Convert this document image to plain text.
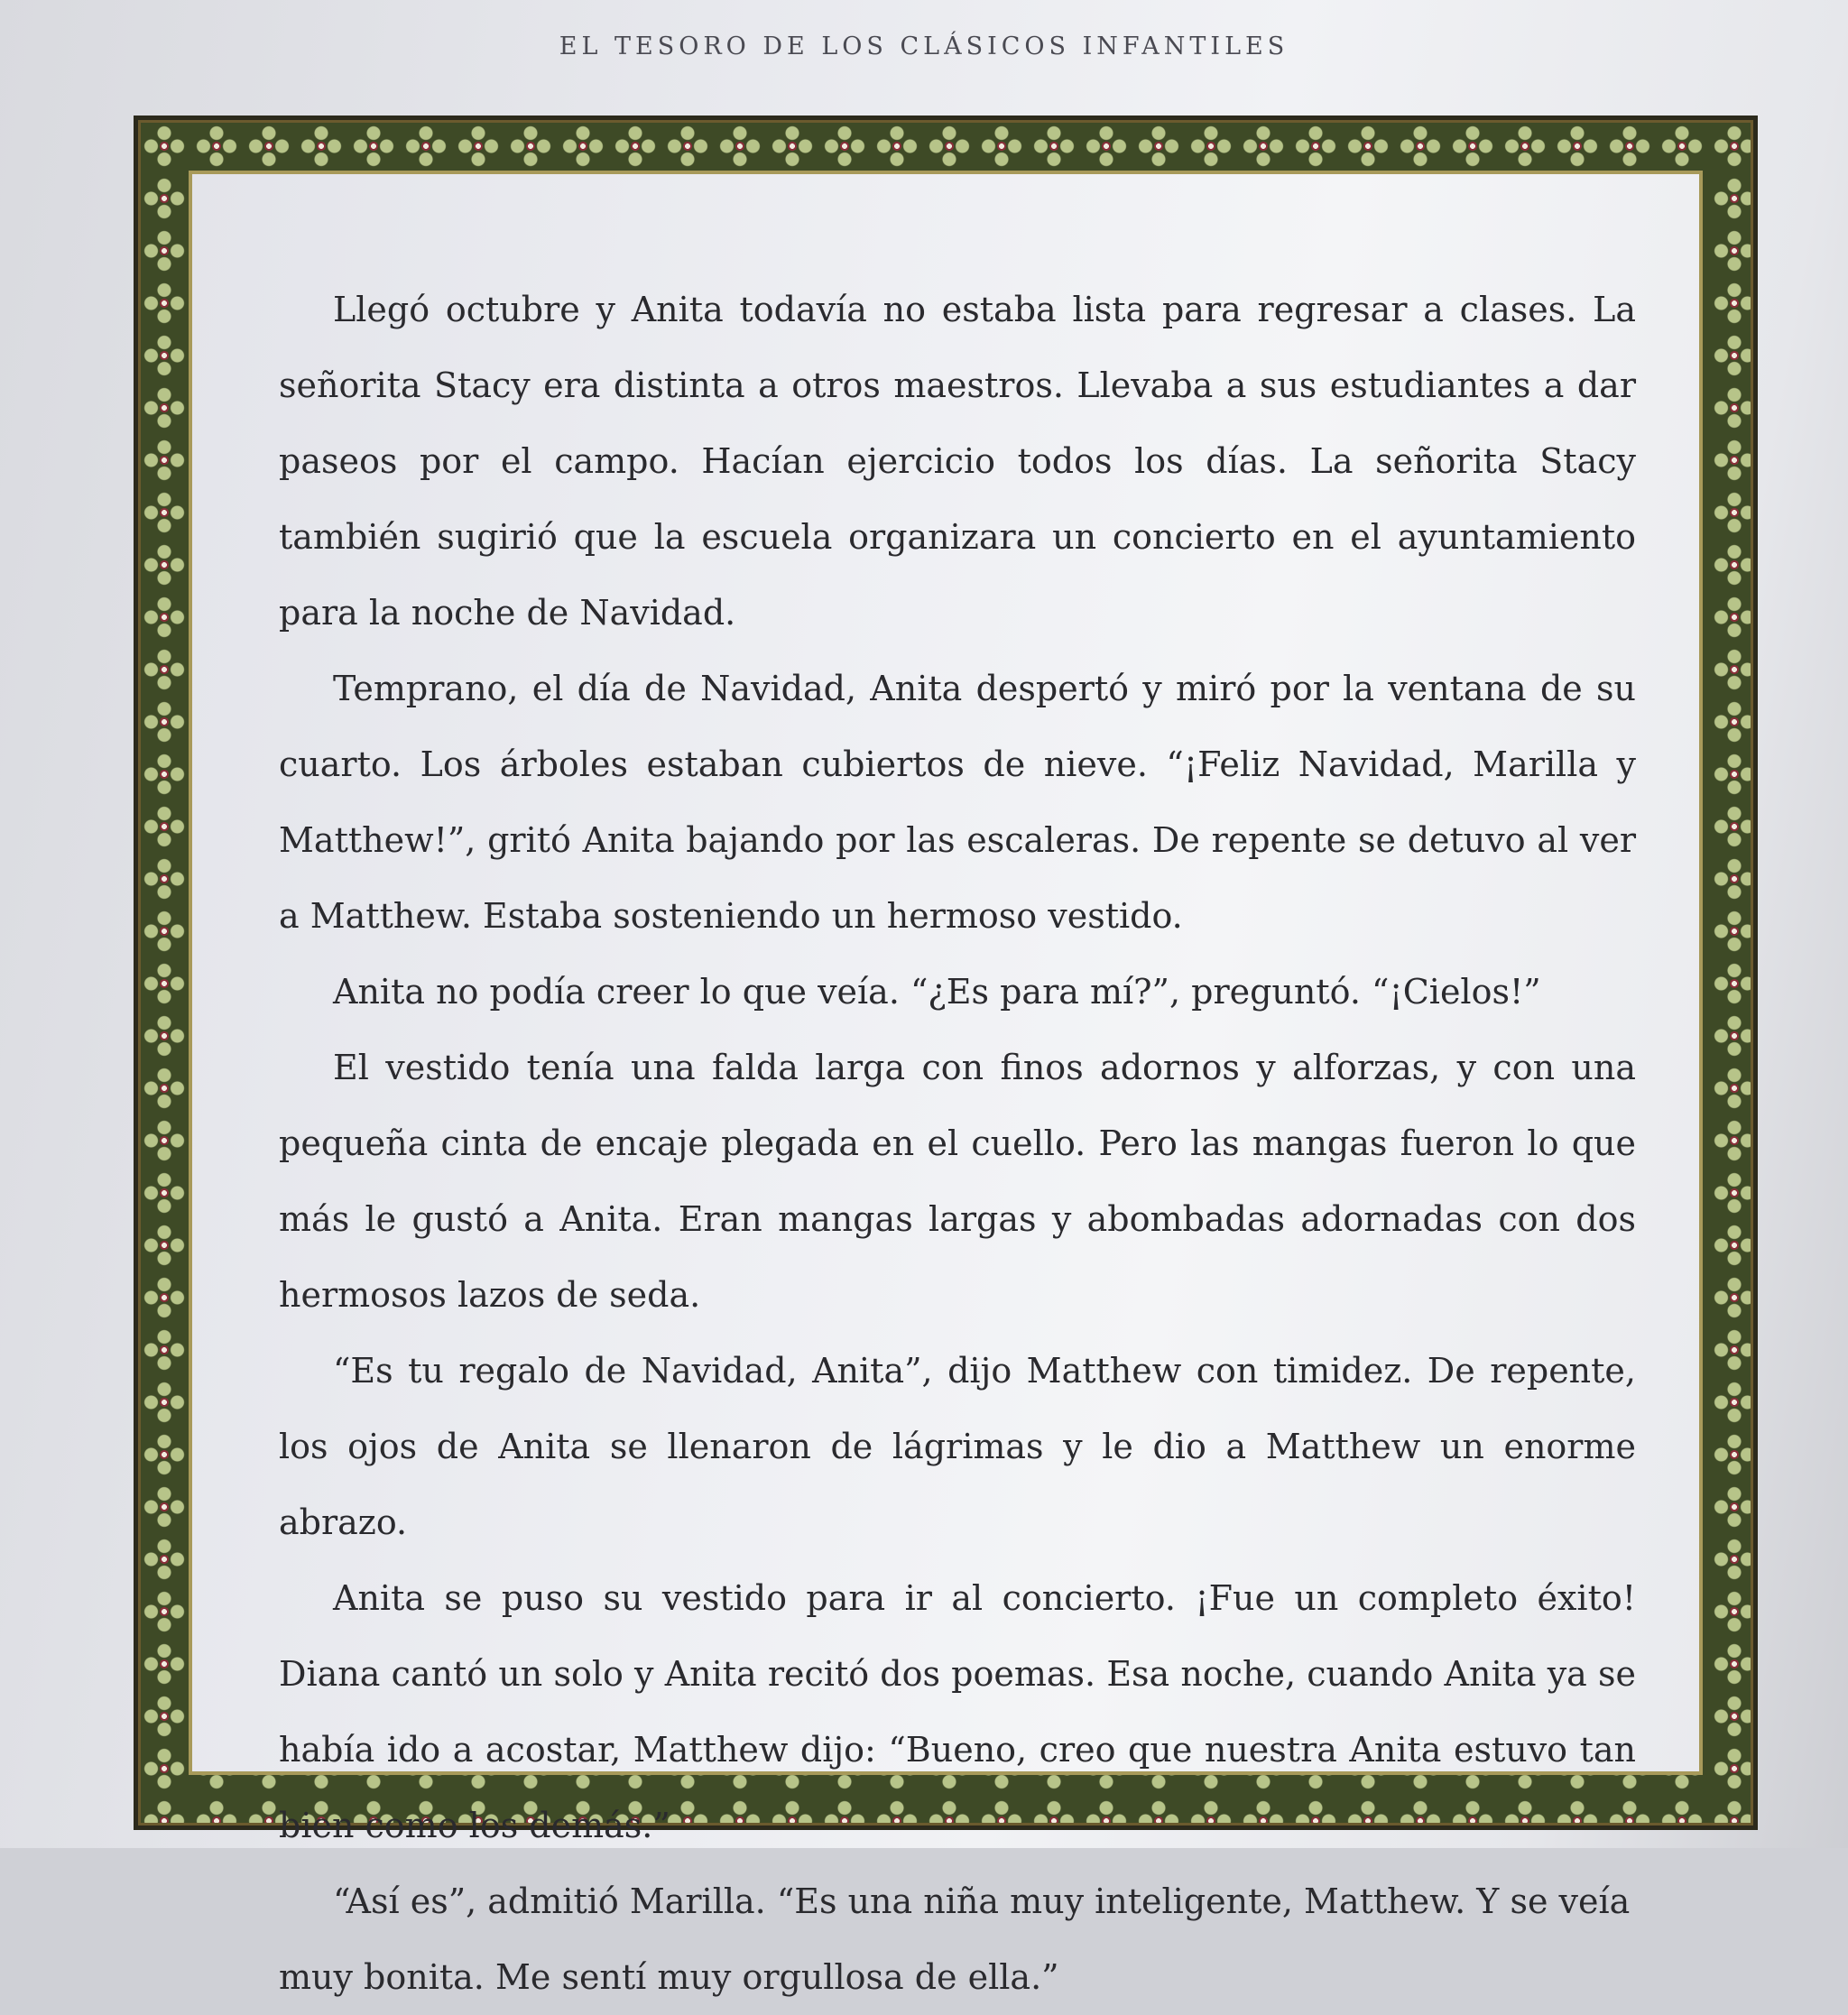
EL TESORO DE LOS CLÁSICOS INFANTILES

Llegó octubre y Anita todavía no estaba lista para regresar a clases. La señorita Stacy era distinta a otros maestros. Llevaba a sus estudiantes a dar paseos por el campo. Hacían ejercicio todos los días. La señorita Stacy también sugirió que la escuela organizara un concierto en el ayuntamiento para la noche de Navidad.

Temprano, el día de Navidad, Anita despertó y miró por la ventana de su cuarto. Los árboles estaban cubiertos de nieve. “¡Feliz Navidad, Marilla y Matthew!”, gritó Anita bajando por las escaleras. De repente se detuvo al ver a Matthew. Estaba sosteniendo un hermoso vestido.

Anita no podía creer lo que veía. “¿Es para mí?”, preguntó. “¡Cielos!”

El vestido tenía una falda larga con finos adornos y alforzas, y con una pequeña cinta de encaje plegada en el cuello. Pero las mangas fueron lo que más le gustó a Anita. Eran mangas largas y abombadas adornadas con dos hermosos lazos de seda.

“Es tu regalo de Navidad, Anita”, dijo Matthew con timidez. De repente, los ojos de Anita se llenaron de lágrimas y le dio a Matthew un enorme abrazo.

Anita se puso su vestido para ir al concierto. ¡Fue un completo éxito! Diana cantó un solo y Anita recitó dos poemas. Esa noche, cuando Anita ya se había ido a acostar, Matthew dijo: “Bueno, creo que nuestra Anita estuvo tan bien como los demás.”

“Así es”, admitió Marilla. “Es una niña muy inteligente, Matthew. Y se veía muy bonita. Me sentí muy orgullosa de ella.”
